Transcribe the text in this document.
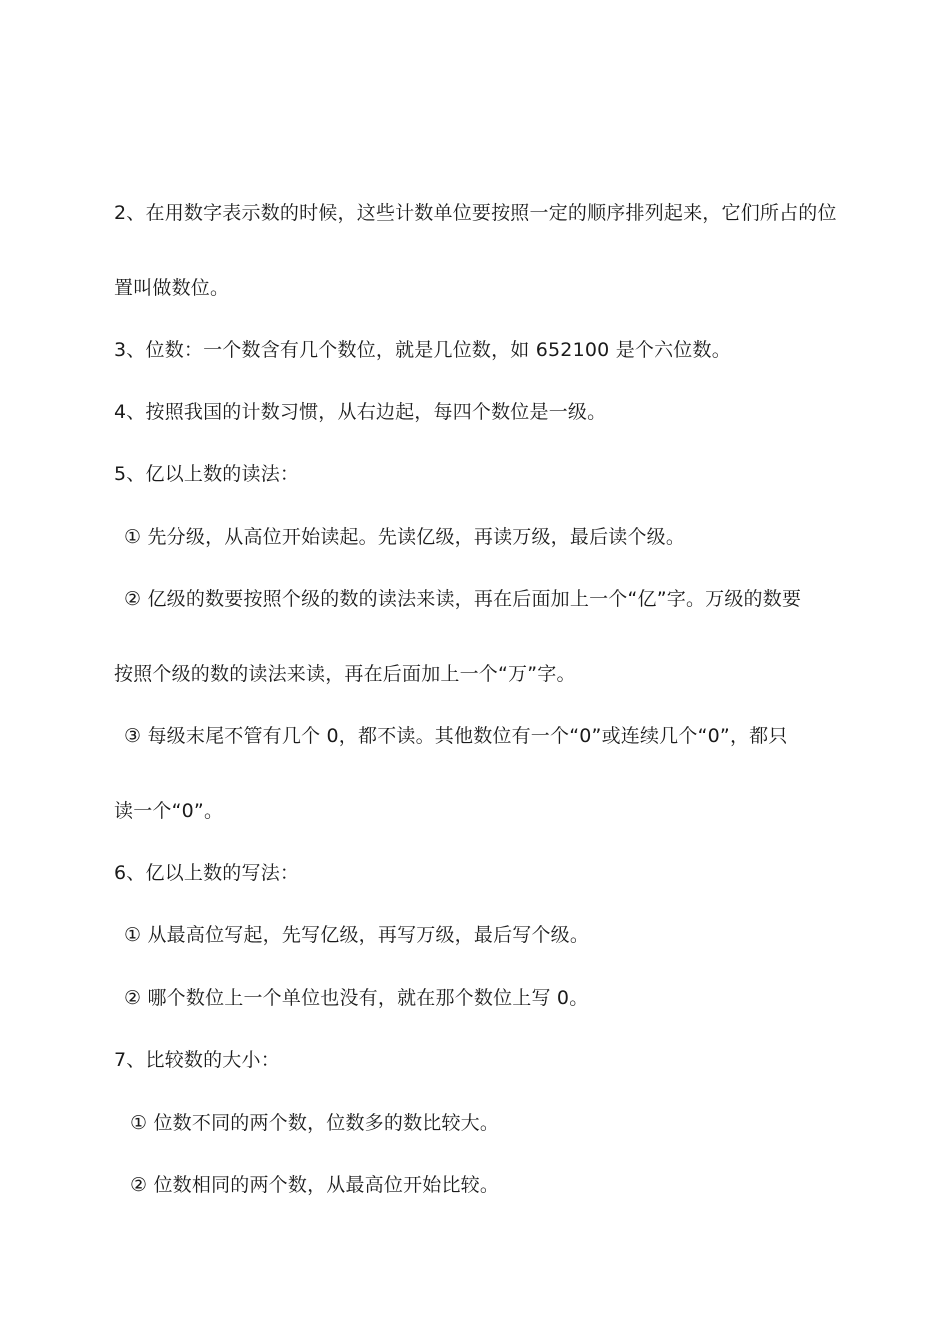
2、在用数字表示数的时候，这些计数单位要按照一定的顺序排列起来，它们所占的位
置叫做数位。
3、位数：一个数含有几个数位，就是几位数，如 652100 是个六位数。
4、按照我国的计数习惯，从右边起，每四个数位是一级。
5、亿以上数的读法：
① 先分级，从高位开始读起。先读亿级，再读万级，最后读个级。
② 亿级的数要按照个级的数的读法来读，再在后面加上一个“亿”字。万级的数要
按照个级的数的读法来读，再在后面加上一个“万”字。
③ 每级末尾不管有几个 0，都不读。其他数位有一个“0”或连续几个“0”，都只
读一个“0”。
6、亿以上数的写法：
① 从最高位写起，先写亿级，再写万级，最后写个级。
② 哪个数位上一个单位也没有，就在那个数位上写 0。
7、比较数的大小：
① 位数不同的两个数，位数多的数比较大。
② 位数相同的两个数，从最高位开始比较。
